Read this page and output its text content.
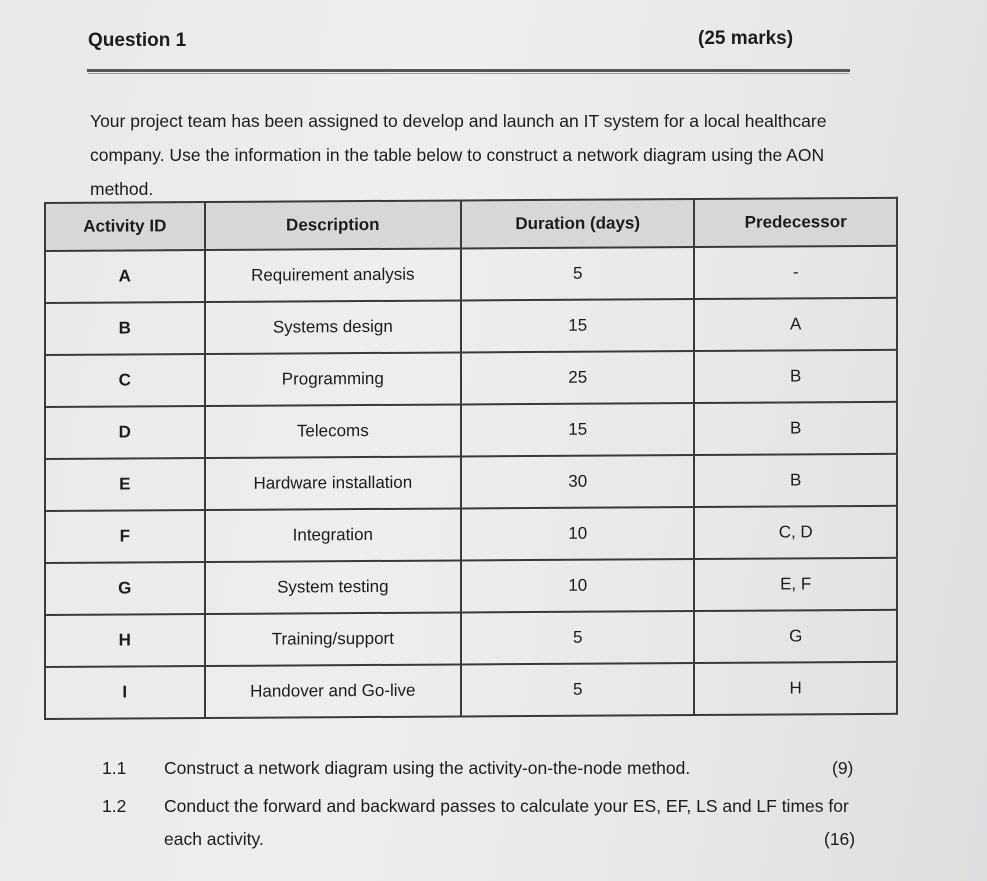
Question 1	(25 marks)
Your project team has been assigned to develop and launch an IT system for a local healthcare company. Use the information in the table below to construct a network diagram using the AON method.
Activity ID	Description	Duration (days)	Predecessor
A	Requirement analysis	5	-
B	Systems design	15	A
C	Programming	25	B
D	Telecoms	15	B
E	Hardware installation	30	B
F	Integration	10	C, D
G	System testing	10	E, F
H	Training/support	5	G
I	Handover and Go-live	5	H
1.1 Construct a network diagram using the activity-on-the-node method.	(9)
1.2 Conduct the forward and backward passes to calculate your ES, EF, LS and LF times for each activity.	(16)
